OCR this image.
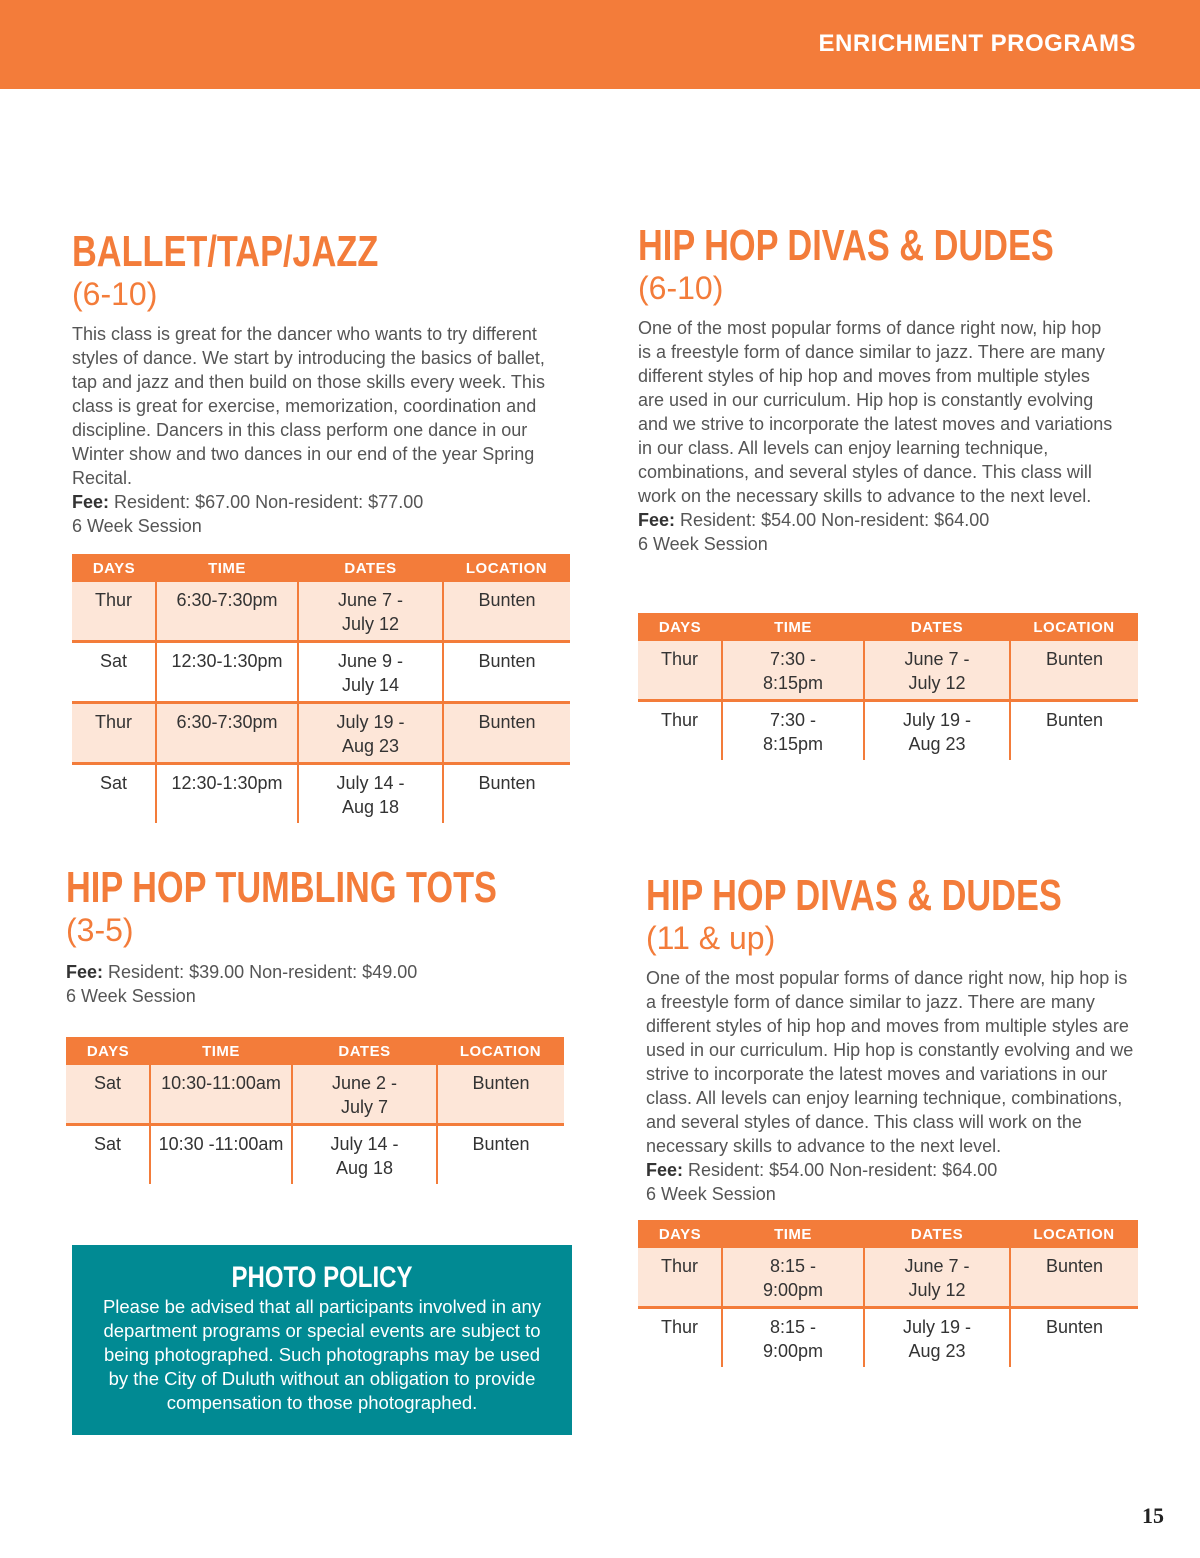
ENRICHMENT PROGRAMS
BALLET/TAP/JAZZ
(6-10)
This class is great for the dancer who wants to try different styles of dance. We start by introducing the basics of ballet, tap and jazz and then build on those skills every week. This class is great for exercise, memorization, coordination and discipline. Dancers in this class perform one dance in our Winter show and two dances in our end of the year Spring Recital.
Fee: Resident: $67.00 Non-resident: $77.00
6 Week Session
DAYS	TIME	DATES	LOCATION
Thur	6:30-7:30pm	June 7 - July 12	Bunten
Sat	12:30-1:30pm	June 9 - July 14	Bunten
Thur	6:30-7:30pm	July 19 - Aug 23	Bunten
Sat	12:30-1:30pm	July 14 - Aug 18	Bunten
HIP HOP DIVAS & DUDES
(6-10)
One of the most popular forms of dance right now, hip hop is a freestyle form of dance similar to jazz. There are many different styles of hip hop and moves from multiple styles are used in our curriculum. Hip hop is constantly evolving and we strive to incorporate the latest moves and variations in our class. All levels can enjoy learning technique, combinations, and several styles of dance. This class will work on the necessary skills to advance to the next level.
Fee: Resident: $54.00 Non-resident: $64.00
6 Week Session
DAYS	TIME	DATES	LOCATION
Thur	7:30 - 8:15pm	June 7 - July 12	Bunten
Thur	7:30 - 8:15pm	July 19 - Aug 23	Bunten
HIP HOP TUMBLING TOTS
(3-5)
Fee: Resident: $39.00 Non-resident: $49.00
6 Week Session
DAYS	TIME	DATES	LOCATION
Sat	10:30-11:00am	June 2 - July 7	Bunten
Sat	10:30 -11:00am	July 14 - Aug 18	Bunten
HIP HOP DIVAS & DUDES
(11 & up)
One of the most popular forms of dance right now, hip hop is a freestyle form of dance similar to jazz. There are many different styles of hip hop and moves from multiple styles are used in our curriculum. Hip hop is constantly evolving and we strive to incorporate the latest moves and variations in our class. All levels can enjoy learning technique, combinations, and several styles of dance. This class will work on the necessary skills to advance to the next level.
Fee: Resident: $54.00 Non-resident: $64.00
6 Week Session
DAYS	TIME	DATES	LOCATION
Thur	8:15 - 9:00pm	June 7 - July 12	Bunten
Thur	8:15 - 9:00pm	July 19 - Aug 23	Bunten
PHOTO POLICY
Please be advised that all participants involved in any department programs or special events are subject to being photographed. Such photographs may be used by the City of Duluth without an obligation to provide compensation to those photographed.
15
